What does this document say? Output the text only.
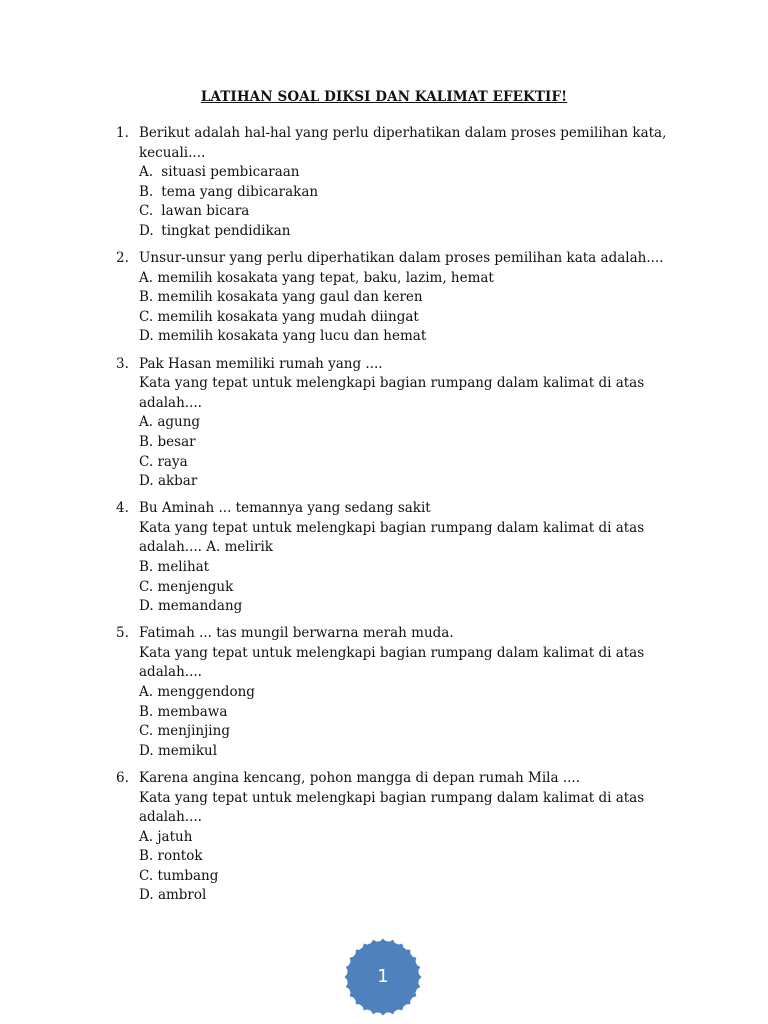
LATIHAN SOAL DIKSI DAN KALIMAT EFEKTIF!
1. Berikut adalah hal-hal yang perlu diperhatikan dalam proses pemilihan kata,
kecuali....
A. situasi pembicaraan
B. tema yang dibicarakan
C. lawan bicara
D. tingkat pendidikan
2. Unsur-unsur yang perlu diperhatikan dalam proses pemilihan kata adalah....
A. memilih kosakata yang tepat, baku, lazim, hemat
B. memilih kosakata yang gaul dan keren
C. memilih kosakata yang mudah diingat
D. memilih kosakata yang lucu dan hemat
3. Pak Hasan memiliki rumah yang ....
Kata yang tepat untuk melengkapi bagian rumpang dalam kalimat di atas
adalah....
A. agung
B. besar
C. raya
D. akbar
4. Bu Aminah ... temannya yang sedang sakit
Kata yang tepat untuk melengkapi bagian rumpang dalam kalimat di atas
adalah.... A. melirik
B. melihat
C. menjenguk
D. memandang
5. Fatimah ... tas mungil berwarna merah muda.
Kata yang tepat untuk melengkapi bagian rumpang dalam kalimat di atas
adalah....
A. menggendong
B. membawa
C. menjinjing
D. memikul
6. Karena angina kencang, pohon mangga di depan rumah Mila ....
Kata yang tepat untuk melengkapi bagian rumpang dalam kalimat di atas
adalah....
A. jatuh
B. rontok
C. tumbang
D. ambrol
1
